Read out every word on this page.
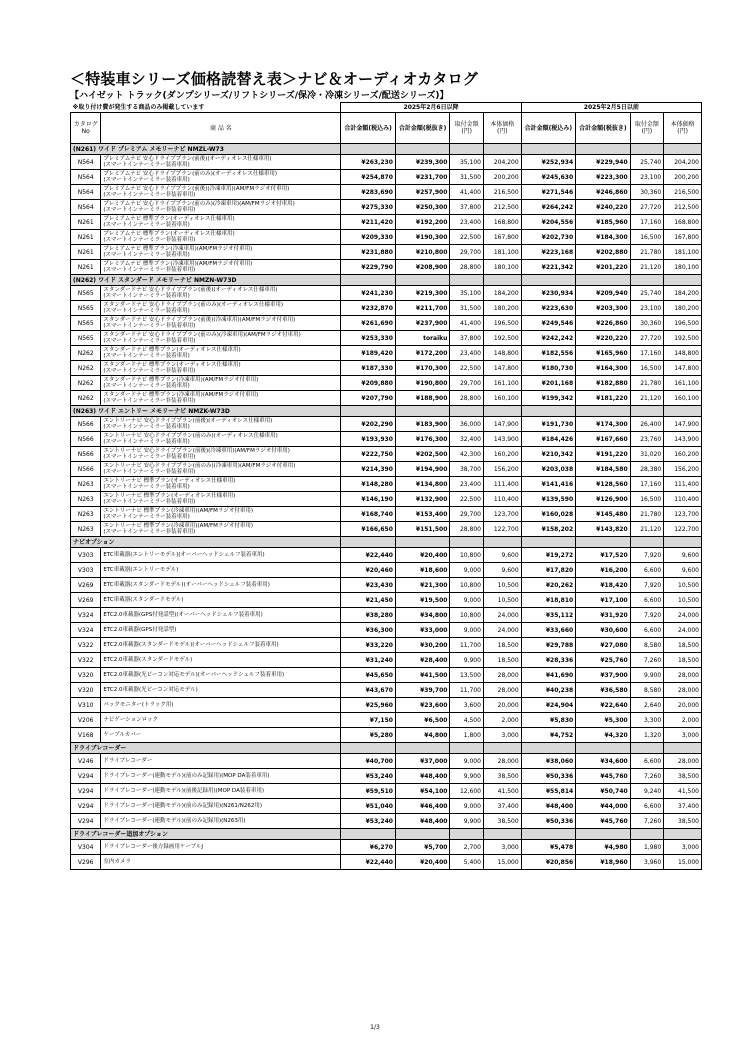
＜特装車シリーズ価格読替え表＞ナビ＆オーディオカタログ
【ハイゼット トラック(ダンプシリーズ/リフトシリーズ/保冷・冷凍シリーズ/配送シリーズ)】
※取り付け費が発生する商品のみ掲載しています		2025年2月6日以降				2025年2月5日以前			
カタログNo	商 品 名	合計金額(税込み)	合計金額(税抜き)	取付金額(円)	本体価格(円)	合計金額(税込み)	合計金額(税抜き)	取付金額(円)	本体価格(円)
(N261) ワイド プレミアム メモリーナビ NMZL-W73									
N564	プレミアムナビ 安心ドライブプラン(前後)(オーディオレス仕様車用)
(スマートインナーミラー装着車用)	¥263,230	¥239,300	35,100	204,200	¥252,934	¥229,940	25,740	204,200
N564	プレミアムナビ 安心ドライブプラン(前のみ)(オーディオレス仕様車用)
(スマートインナーミラー装着車用)	¥254,870	¥231,700	31,500	200,200	¥245,630	¥223,300	23,100	200,200
N564	プレミアムナビ 安心ドライブプラン(前後)(冷凍車用)(AM/FMラジオ付車用)
(スマートインナーミラー非装着車用)	¥283,690	¥257,900	41,400	216,500	¥271,546	¥246,860	30,360	216,500
N564	プレミアムナビ 安心ドライブプラン(前のみ)(冷凍車用)(AM/FMラジオ付車用)
(スマートインナーミラー非装着車用)	¥275,330	¥250,300	37,800	212,500	¥264,242	¥240,220	27,720	212,500
N261	プレミアムナビ 標準プラン(オーディオレス仕様車用)
(スマートインナーミラー装着車用)	¥211,420	¥192,200	23,400	168,800	¥204,556	¥185,960	17,160	168,800
N261	プレミアムナビ 標準プラン(オーディオレス仕様車用)
(スマートインナーミラー非装着車用)	¥209,330	¥190,300	22,500	167,800	¥202,730	¥184,300	16,500	167,800
N261	プレミアムナビ 標準プラン(冷凍車用)(AM/FMラジオ付車用)
(スマートインナーミラー装着車用)	¥231,880	¥210,800	29,700	181,100	¥223,168	¥202,880	21,780	181,100
N261	プレミアムナビ 標準プラン(冷凍車用)(AM/FMラジオ付車用)
(スマートインナーミラー非装着車用)	¥229,790	¥208,900	28,800	180,100	¥221,342	¥201,220	21,120	180,100
(N262) ワイド スタンダード メモリーナビ NMZN-W73D									
N565	スタンダードナビ 安心ドライブプラン(前後)(オーディオレス仕様車用)
(スマートインナーミラー装着車用)	¥241,230	¥219,300	35,100	184,200	¥230,934	¥209,940	25,740	184,200
N565	スタンダードナビ 安心ドライブプラン(前のみ)(オーディオレス仕様車用)
(スマートインナーミラー装着車用)	¥232,870	¥211,700	31,500	180,200	¥223,630	¥203,300	23,100	180,200
N565	スタンダードナビ 安心ドライブプラン(前後)(冷凍車用)(AM/FMラジオ付車用)
(スマートインナーミラー非装着車用)	¥261,690	¥237,900	41,400	196,500	¥249,546	¥226,860	30,360	196,500
N565	スタンダードナビ 安心ドライブプラン(前のみ)(冷凍車用)(AM/FMラジオ付車用)
(スマートインナーミラー非装着車用)	¥253,330	toraiku	37,800	192,500	¥242,242	¥220,220	27,720	192,500
N262	スタンダードナビ 標準プラン(オーディオレス仕様車用)
(スマートインナーミラー装着車用)	¥189,420	¥172,200	23,400	148,800	¥182,556	¥165,960	17,160	148,800
N262	スタンダードナビ 標準プラン(オーディオレス仕様車用)
(スマートインナーミラー非装着車用)	¥187,330	¥170,300	22,500	147,800	¥180,730	¥164,300	16,500	147,800
N262	スタンダードナビ 標準プラン(冷凍車用)(AM/FMラジオ付車用)
(スマートインナーミラー装着車用)	¥209,880	¥190,800	29,700	161,100	¥201,168	¥182,880	21,780	161,100
N262	スタンダードナビ 標準プラン(冷凍車用)(AM/FMラジオ付車用)
(スマートインナーミラー非装着車用)	¥207,790	¥188,900	28,800	160,100	¥199,342	¥181,220	21,120	160,100
(N263) ワイド エントリー メモリーナビ NMZK-W73D									
N566	エントリーナビ 安心ドライブプラン(前後)(オーディオレス仕様車用)
(スマートインナーミラー装着車用)	¥202,290	¥183,900	36,000	147,900	¥191,730	¥174,300	26,400	147,900
N566	エントリーナビ 安心ドライブプラン(前のみ)(オーディオレス仕様車用)
(スマートインナーミラー装着車用)	¥193,930	¥176,300	32,400	143,900	¥184,426	¥167,660	23,760	143,900
N566	エントリーナビ 安心ドライブプラン(前後)(冷凍車用)(AM/FMラジオ付車用)
(スマートインナーミラー非装着車用)	¥222,750	¥202,500	42,300	160,200	¥210,342	¥191,220	31,020	160,200
N566	エントリーナビ 安心ドライブプラン(前のみ)(冷凍車用)(AM/FMラジオ付車用)
(スマートインナーミラー非装着車用)	¥214,390	¥194,900	38,700	156,200	¥203,038	¥184,580	28,380	156,200
N263	エントリーナビ 標準プラン(オーディオレス仕様車用)
(スマートインナーミラー装着車用)	¥148,280	¥134,800	23,400	111,400	¥141,416	¥128,560	17,160	111,400
N263	エントリーナビ 標準プラン(オーディオレス仕様車用)
(スマートインナーミラー非装着車用)	¥146,190	¥132,900	22,500	110,400	¥139,590	¥126,900	16,500	110,400
N263	エントリーナビ 標準プラン(冷凍車用)(AM/FMラジオ付車用)
(スマートインナーミラー装着車用)	¥168,740	¥153,400	29,700	123,700	¥160,028	¥145,480	21,780	123,700
N263	エントリーナビ 標準プラン(冷凍車用)(AM/FMラジオ付車用)
(スマートインナーミラー非装着車用)	¥166,650	¥151,500	28,800	122,700	¥158,202	¥143,820	21,120	122,700
ナビオプション									
V303	ETC車載器(エントリーモデル)(オーバーヘッドシェルフ装着車用)	¥22,440	¥20,400	10,800	9,600	¥19,272	¥17,520	7,920	9,600
V303	ETC車載器(エントリーモデル)	¥20,460	¥18,600	9,000	9,600	¥17,820	¥16,200	6,600	9,600
V269	ETC車載器(スタンダードモデル)(オーバーヘッドシェルフ装着車用)	¥23,430	¥21,300	10,800	10,500	¥20,262	¥18,420	7,920	10,500
V269	ETC車載器(スタンダードモデル)	¥21,450	¥19,500	9,000	10,500	¥18,810	¥17,100	6,600	10,500
V324	ETC2.0車載器(GPS付発話型)(オーバーヘッドシェルフ装着車用)	¥38,280	¥34,800	10,800	24,000	¥35,112	¥31,920	7,920	24,000
V324	ETC2.0車載器(GPS付発話型)	¥36,300	¥33,000	9,000	24,000	¥33,660	¥30,600	6,600	24,000
V322	ETC2.0車載器(スタンダードモデル)(オーバーヘッドシェルフ装着車用)	¥33,220	¥30,200	11,700	18,500	¥29,788	¥27,080	8,580	18,500
V322	ETC2.0車載器(スタンダードモデル)	¥31,240	¥28,400	9,900	18,500	¥28,336	¥25,760	7,260	18,500
V320	ETC2.0車載器(光ビーコン対応モデル)(オーバーヘッドシェルフ装着車用)	¥45,650	¥41,500	13,500	28,000	¥41,690	¥37,900	9,900	28,000
V320	ETC2.0車載器(光ビーコン対応モデル)	¥43,670	¥39,700	11,700	28,000	¥40,238	¥36,580	8,580	28,000
V310	バックモニター(トラック用)	¥25,960	¥23,600	3,600	20,000	¥24,904	¥22,640	2,640	20,000
V206	ナビゲーションロック	¥7,150	¥6,500	4,500	2,000	¥5,830	¥5,300	3,300	2,000
V168	ケーブルカバー	¥5,280	¥4,800	1,800	3,000	¥4,752	¥4,320	1,320	3,000
ドライブレコーダー									
V246	ドライブレコーダー	¥40,700	¥37,000	9,000	28,000	¥38,060	¥34,600	6,600	28,000
V294	ドライブレコーダー(連動モデル)(前のみ記録用)(MOP DA装着車用)	¥53,240	¥48,400	9,900	38,500	¥50,336	¥45,760	7,260	38,500
V294	ドライブレコーダー(連動モデル)(前後記録用)(MOP DA装着車用)	¥59,510	¥54,100	12,600	41,500	¥55,814	¥50,740	9,240	41,500
V294	ドライブレコーダー(連動モデル)(前のみ記録用)(N261/N262用)	¥51,040	¥46,400	9,000	37,400	¥48,400	¥44,000	6,600	37,400
V294	ドライブレコーダー(連動モデル)(前のみ記録用)(N263用)	¥53,240	¥48,400	9,900	38,500	¥50,336	¥45,760	7,260	38,500
ドライブレコーダー追加オプション									
V304	ドライブレコーダー後方録画用ケーブルJ	¥6,270	¥5,700	2,700	3,000	¥5,478	¥4,980	1,980	3,000
V296	室内カメラ	¥22,440	¥20,400	5,400	15,000	¥20,856	¥18,960	3,960	15,000
1/3
